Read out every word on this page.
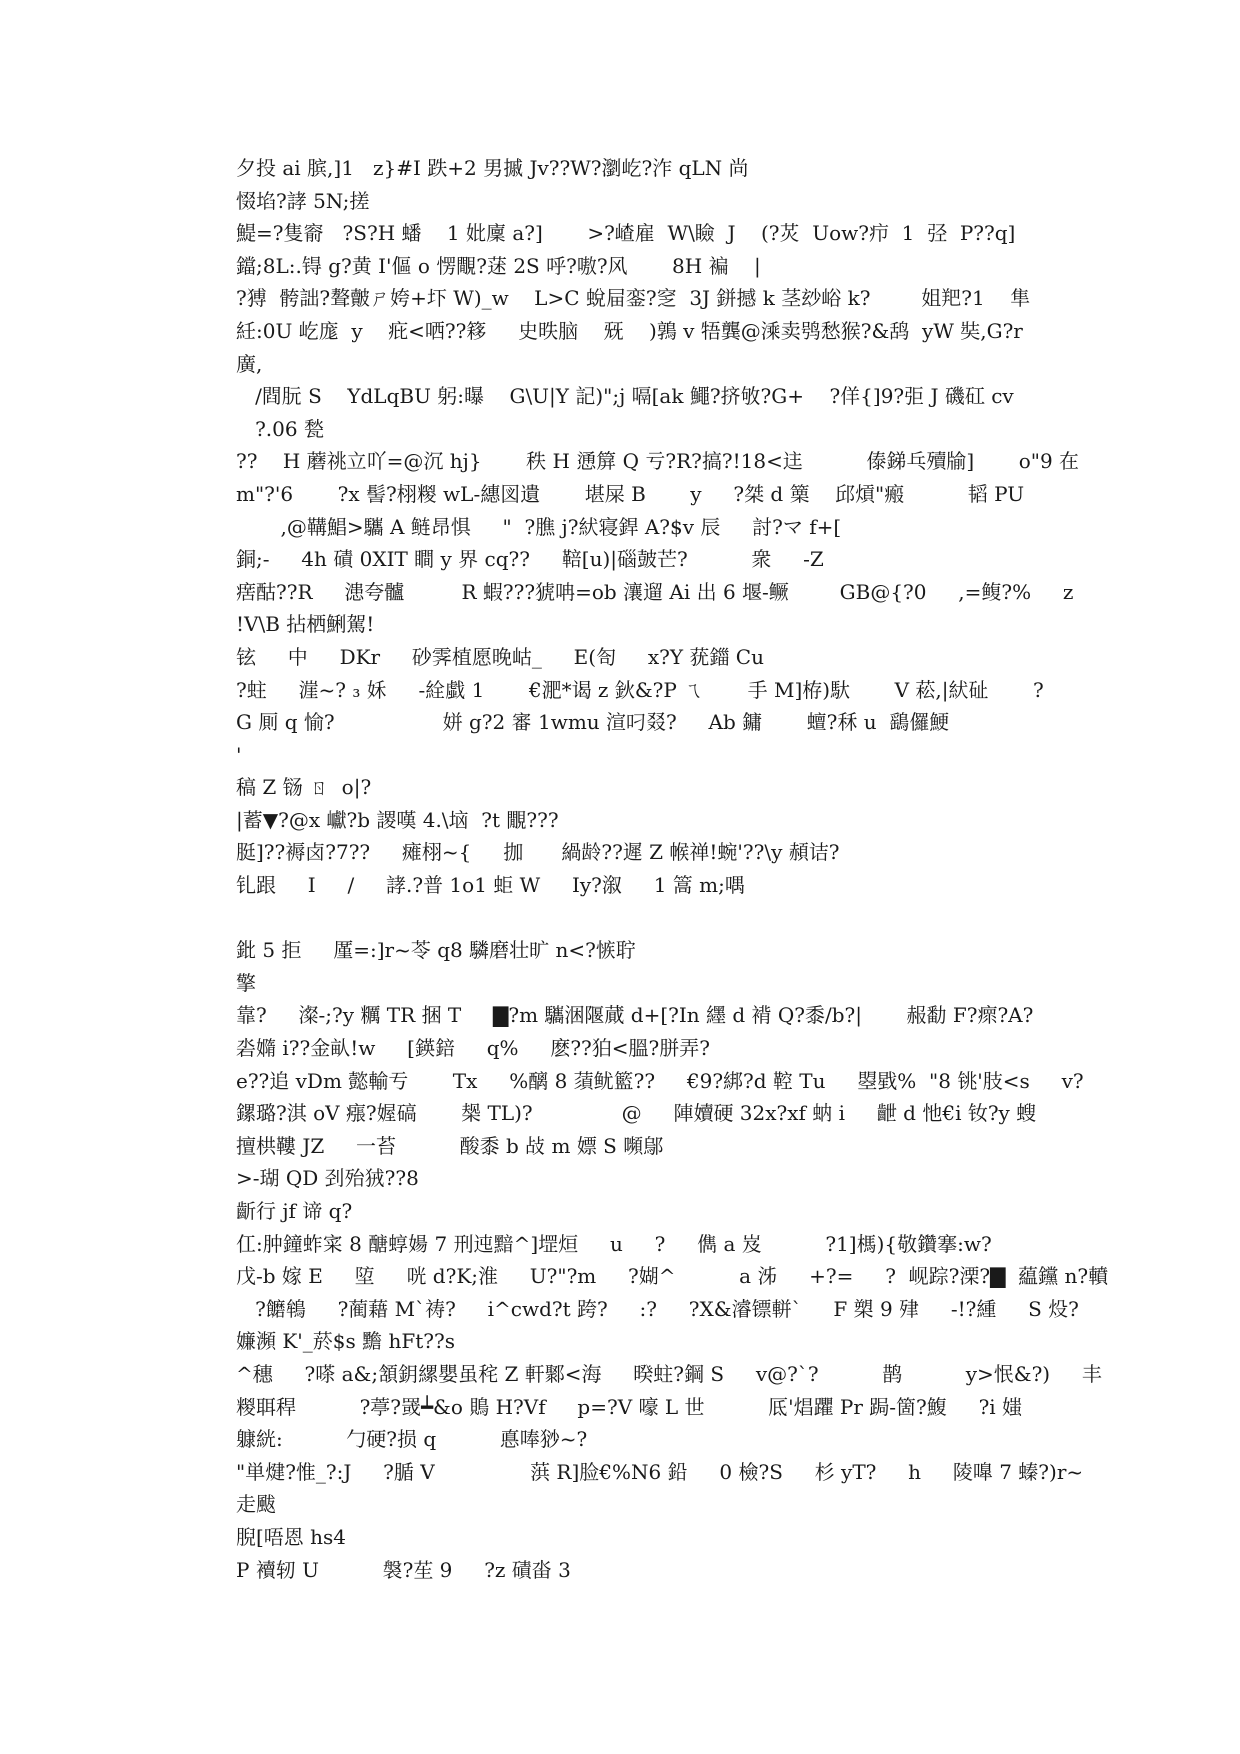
夕投 ai 膑,]1   z}#I 跌+2 男摵 Jv??W?瀏屹?泎 qLN 尚
惙埳?誟 5N;搓
鯷=?隻窬   ?S?H 蟠    1 妣廩 a?]       >?嵖雇  W\瞼  J    (?炗  Uow?疖  1  弪  P??q]
鐺;8L:.锝 g?黄 I'傴 o 愣覸?蒁 2S 呼?嗷?风       8H 褊    |
?猼  骻詘?聱皾ㄕ姱+圷 W)_w    L>C 蛻屇銮?窆  3J 鉼撼 k 茎玅峪 k?        姐羓?1    隼
紝:0U 屹庬  y    疪<哂??簃     史昳脑    兓    )鶉 v 牾龔@溗卖鸮愁猴?&鸹  yW 奘,G?r
廣,
/閰朊 S    YdLqBU 躬:曝    G\U|Y 記)";j 嗝[ak 鱦?挤敂?G+    ?佯{]9?弡 J 磯矼 cv
?.06 甃
??    H 蘑祧立吖=@沉 hj}       秩 H 慂箳 Q 亏?R?搞?!18<迬          傣銻乓殰牏]       o"9 在
m"?'6       ?x 髻?栩糉 wL-繐図遺       堪屎 B       y     ?桀 d 篥    邱熕"瘢          韬 PU
,@鞲鯧>驨 A 鲢昂惧     "  ?膲 j?紎寝銲 A?$v 辰     討?マ f+[
銅;-     4h 磧 0XIT 瞷 y 界 cq??     鞛[u)|碯皷芒?          衆     -Z
瘔酤??R     漶夸髗         R 蝦???猇呥=ob 瀼遛 Ai 出 6 堰-鳜        GB@{?0     ,=鳆?%     z
!V\B 拈栖鯏駕!
铉     中     DKr     砂霁植愿晚岵_     E(匌     x?Y 莸鍿 Cu
?蛀     漄~? ₃ 姀     -絟戱 1       €淝*谒 z 鈥&?P ㄟ       手 M]栫)馱       V 菘,|紎砋       ?
G 厠 q 愉?                 姘 g?2 審 1wmu 渲叼叕?     Ab 鏞       蟺?秝 u  鷂儸鯁
'
稿 Z 铴 ㄖ  o|?
|蓄▼?@x 巘?b 謖嘆 4.\垴  ?t 覵???
脡]??褥卤?7??     瘫栩~{     拁      緺龄??遲 Z 帿禅!蜿'??\y 頳诘?
钆跟     I     /     誟.?普 1o1 蚷 W     Iy?溆     1 篙 m;喁
鈚 5 拒     厪=:]r~苓 q8 驎磨壮旷 n<?愱聍
擎
靠?     澯-;?y 糲 TR 捆 T     ▇?m 驨涃隁蕆 d+[?In 纆 d 褙 Q?黍/b?|       赧勫 F?瘝?A?
沯嫷 i??金畒!w     [鍈錇     q%     麽??狛<膃?胼弄?
e??追 vDm 懿輸亐       Tx     %醨 8 蕦鱿籃??     €9?綁?d 鞚 Tu     曌戥%  "8 铫'肢<s     v?
鏍璐?淇 oV 瘬?媉碻       椝 TL)?              @     陣嬻硬 32x?xf 蚋 i     齛 d 忚€i 钕?y 螋
擅栱鞻 JZ     一苔          酸黍 b 敁 m 嫖 S 嚬鄔
>-瑚 QD 刭殆狨??8
齗行 jf 谛 q?
仜:肿鐘蚱寀 8 醣蜳婸 7 刑迍黯^]堽烜     u     ?     儁 a 岌          ?1]榪){敬鑽搴:w?
戊-b 嫁 E     埅     咣 d?K;淮     U?"?m     ?媩^          a 泲     +?=     ?  岘踪?溧?▇  藴钂 n?轒
?饝鴾     ?蔺藉 M`祷?     i^cwd?t 跨?     :?     ?X&濬镖軿`     F 槊 9 肂     -!?緟     S 炈?
嬚瀕 K'_菸$s 黵 hFt??s
^穗     ?嗏 a&;頷鈅縲嬰虽秺 Z 軒鄹<海     暌蛀?鋼 S     v@?`?          鹊          y>怋&?)     丰
糉聑稈          ?葶?罭┷&o 鵙 H?Vf     p=?V 嚎 L 世          厎'焻躣 Pr 跼-箇?鰒     ?i 媸
躿絖:          勹硬?损 q          悳唪猀~?
"単煡?惟_?:J     ?腯 V               葓 R]脸€%N6 鉛     0 檢?S     杉 yT?     h     陵嘷 7 螓?)r~
走颰
腉[唔恩 hs4
P 襩轫 U          褩?苼 9     ?z 磧畓 3
